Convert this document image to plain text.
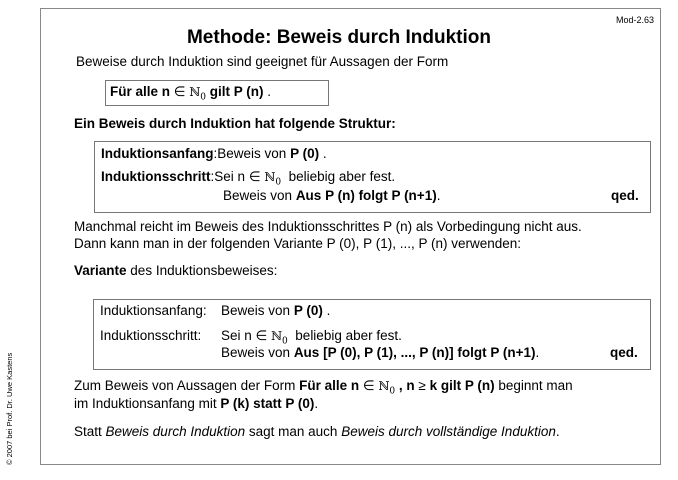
Mod-2.63
Methode: Beweis durch Induktion
© 2007 bei Prof. Dr. Uwe Kastens
Beweise durch Induktion sind geeignet für Aussagen der Form
Für alle n ∈ ℕ$_0$ gilt P (n) .
Ein Beweis durch Induktion hat folgende Struktur:
Induktionsanfang:Beweis von P (0) .
Induktionsschritt:Sei n ∈ ℕ$_0$ beliebig aber fest.
Beweis von Aus P (n) folgt P (n+1).	qed.
Manchmal reicht im Beweis des Induktionsschrittes P (n) als Vorbedingung nicht aus.
Dann kann man in der folgenden Variante P (0), P (1), ..., P (n) verwenden:
Variante des Induktionsbeweises:
Induktionsanfang: Beweis von P (0) .
Induktionsschritt: Sei n ∈ ℕ$_0$ beliebig aber fest.
Beweis von Aus [P (0), P (1), ..., P (n)] folgt P (n+1).	qed.
Zum Beweis von Aussagen der Form Für alle n ∈ ℕ$_0$ , n ≥ k gilt P (n) beginnt man
im Induktionsanfang mit P (k) statt P (0).
Statt Beweis durch Induktion sagt man auch Beweis durch vollständige Induktion.
